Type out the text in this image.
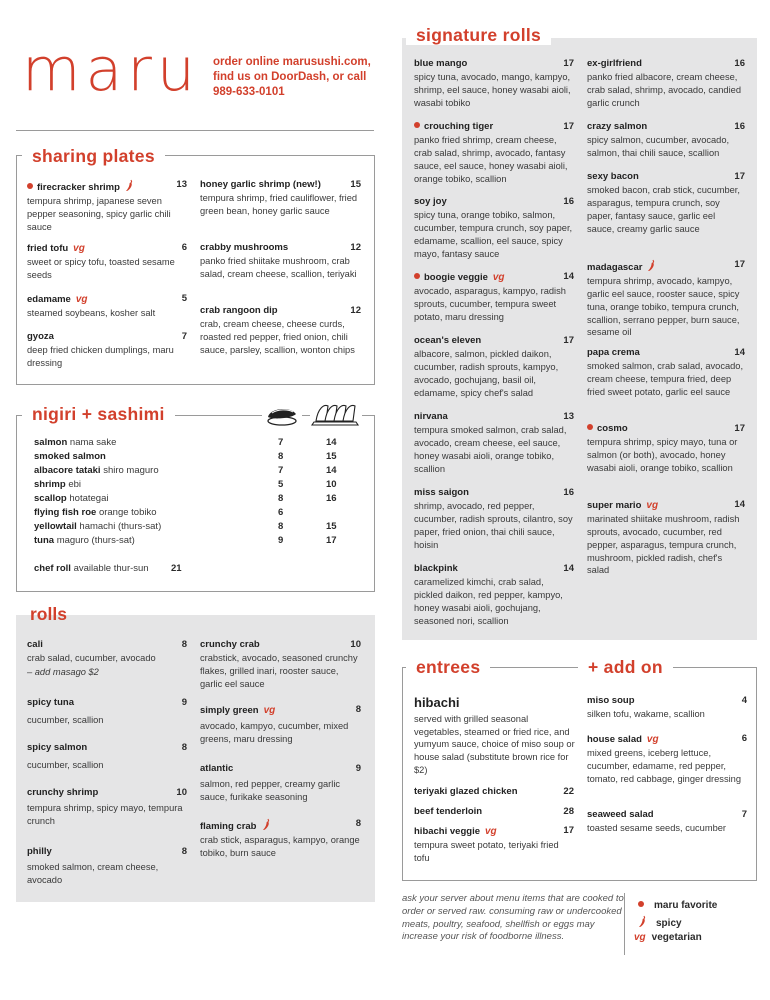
maru order online marusushi.com,
find us on DoorDash, or call
989-633-0101
sharing plates
firecracker shrimp	13
tempura shrimp, japanese seven pepper seasoning, spicy garlic chili sauce
fried tofu vg	6
sweet or spicy tofu, toasted sesame seeds
edamame vg	5
steamed soybeans, kosher salt
gyoza	7
deep fried chicken dumplings, maru dressing
honey garlic shrimp (new!)	15
tempura shrimp, fried cauliflower, fried green bean, honey garlic sauce
crabby mushrooms	12
panko fried shiitake mushroom, crab salad, cream cheese, scallion, teriyaki
crab rangoon dip	12
crab, cream cheese, cheese curds, roasted red pepper, fried onion, chili sauce, parsley, scallion, wonton chips
nigiri + sashimi
salmon nama sake	7	14
smoked salmon	8	15
albacore tataki shiro maguro	7	14
shrimp ebi	5	10
scallop hotategai	8	16
flying fish roe orange tobiko	6
yellowtail hamachi (thurs-sat)	8	15
tuna maguro (thurs-sat)	9	17
chef roll available thur-sun 21
rolls
cali	8
crab salad, cucumber, avocado
– add masago $2
spicy tuna	9
cucumber, scallion
spicy salmon	8
cucumber, scallion
crunchy shrimp	10
tempura shrimp, spicy mayo, tempura crunch
philly	8
smoked salmon, cream cheese, avocado
crunchy crab	10
crabstick, avocado, seasoned crunchy flakes, grilled inari, rooster sauce, garlic eel sauce
simply green vg	8
avocado, kampyo, cucumber, mixed greens, maru dressing
atlantic	9
salmon, red pepper, creamy garlic sauce, furikake seasoning
flaming crab	8
crab stick, asparagus, kampyo, orange tobiko, burn sauce
signature rolls
blue mango	17
spicy tuna, avocado, mango, kampyo, shrimp, eel sauce, honey wasabi aioli, wasabi tobiko
crouching tiger	17
panko fried shrimp, cream cheese, crab salad, shrimp, avocado, fantasy sauce, eel sauce, honey wasabi aioli, orange tobiko, scallion
soy joy	16
spicy tuna, orange tobiko, salmon, cucumber, tempura crunch, soy paper, edamame, scallion, eel sauce, spicy mayo, fantasy sauce
boogie veggie vg	14
avocado, asparagus, kampyo, radish sprouts, cucumber, tempura sweet potato, maru dressing
ocean's eleven	17
albacore, salmon, pickled daikon, cucumber, radish sprouts, kampyo, avocado, gochujang, basil oil, edamame, spicy chef's salad
nirvana	13
tempura smoked salmon, crab salad, avocado, cream cheese, eel sauce, honey wasabi aioli, orange tobiko, scallion
miss saigon	16
shrimp, avocado, red pepper, cucumber, radish sprouts, cilantro, soy paper, fried onion, thai chili sauce, hoisin
blackpink	14
caramelized kimchi, crab salad, pickled daikon, red pepper, kampyo, honey wasabi aioli, gochujang, seasoned nori, scallion
ex-girlfriend	16
panko fried albacore, cream cheese, crab salad, shrimp, avocado, candied garlic crunch
crazy salmon	16
spicy salmon, cucumber, avocado, salmon, thai chili sauce, scallion
sexy bacon	17
smoked bacon, crab stick, cucumber, asparagus, tempura crunch, soy paper, fantasy sauce, garlic eel sauce, creamy garlic sauce
madagascar	17
tempura shrimp, avocado, kampyo, garlic eel sauce, rooster sauce, spicy tuna, orange tobiko, tempura crunch, scallion, serrano pepper, burn sauce, sesame oil
papa crema	14
smoked salmon, crab salad, avocado, cream cheese, tempura fried, deep fried sweet potato, garlic eel sauce
cosmo	17
tempura shrimp, spicy mayo, tuna or salmon (or both), avocado, honey wasabi aioli, orange tobiko, scallion
super mario vg	14
marinated shiitake mushroom, radish sprouts, avocado, cucumber, red pepper, asparagus, tempura crunch, mushroom, pickled radish, chef's salad
entrees	+ add on
hibachi
served with grilled seasonal vegetables, steamed or fried rice, and yumyum sauce, choice of miso soup or house salad (substitute brown rice for $2)
teriyaki glazed chicken	22
beef tenderloin	28
hibachi veggie vg	17
tempura sweet potato, teriyaki fried tofu
miso soup	4
silken tofu, wakame, scallion
house salad vg	6
mixed greens, iceberg lettuce, cucumber, edamame, red pepper, tomato, red cabbage, ginger dressing
seaweed salad	7
toasted sesame seeds, cucumber
ask your server about menu items that are cooked to order or served raw. consuming raw or undercooked meats, poultry, seafood, shellfish or eggs may increase your risk of foodborne illness.
maru favorite
spicy
vg vegetarian
